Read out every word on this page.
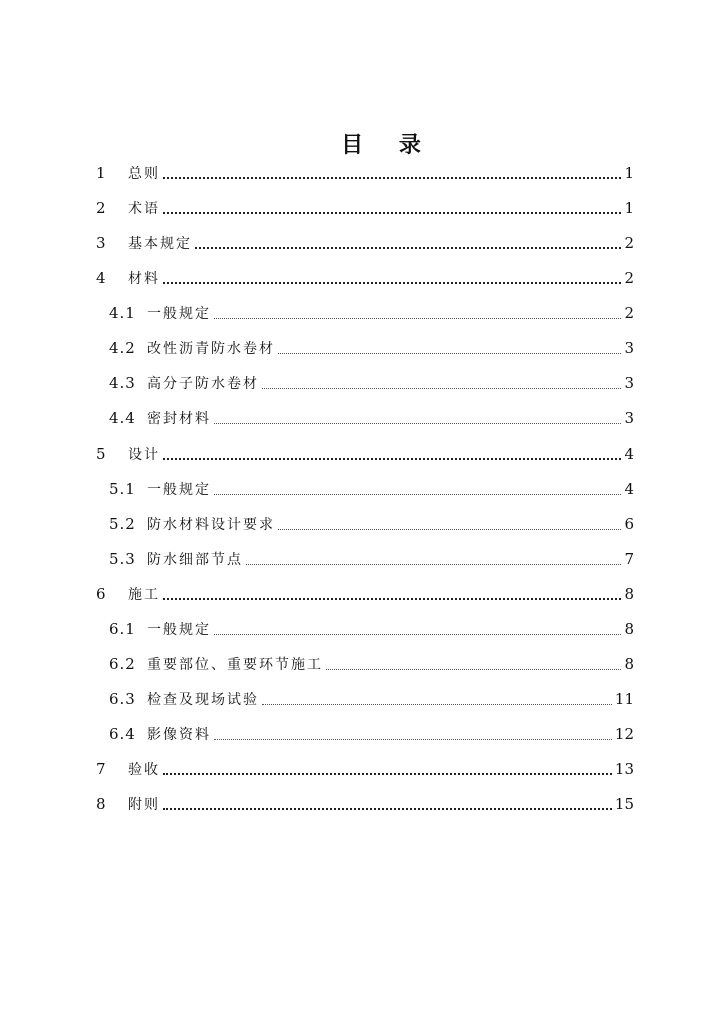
目 录
1	总则	1
2	术语	1
3	基本规定	2
4	材料	2
4.1 一般规定	2
4.2 改性沥青防水卷材	3
4.3 高分子防水卷材	3
4.4 密封材料	3
5	设计	4
5.1 一般规定	4
5.2 防水材料设计要求	6
5.3 防水细部节点	7
6	施工	8
6.1 一般规定	8
6.2 重要部位、重要环节施工	8
6.3 检查及现场试验	11
6.4 影像资料	12
7	验收	13
8	附则	15
